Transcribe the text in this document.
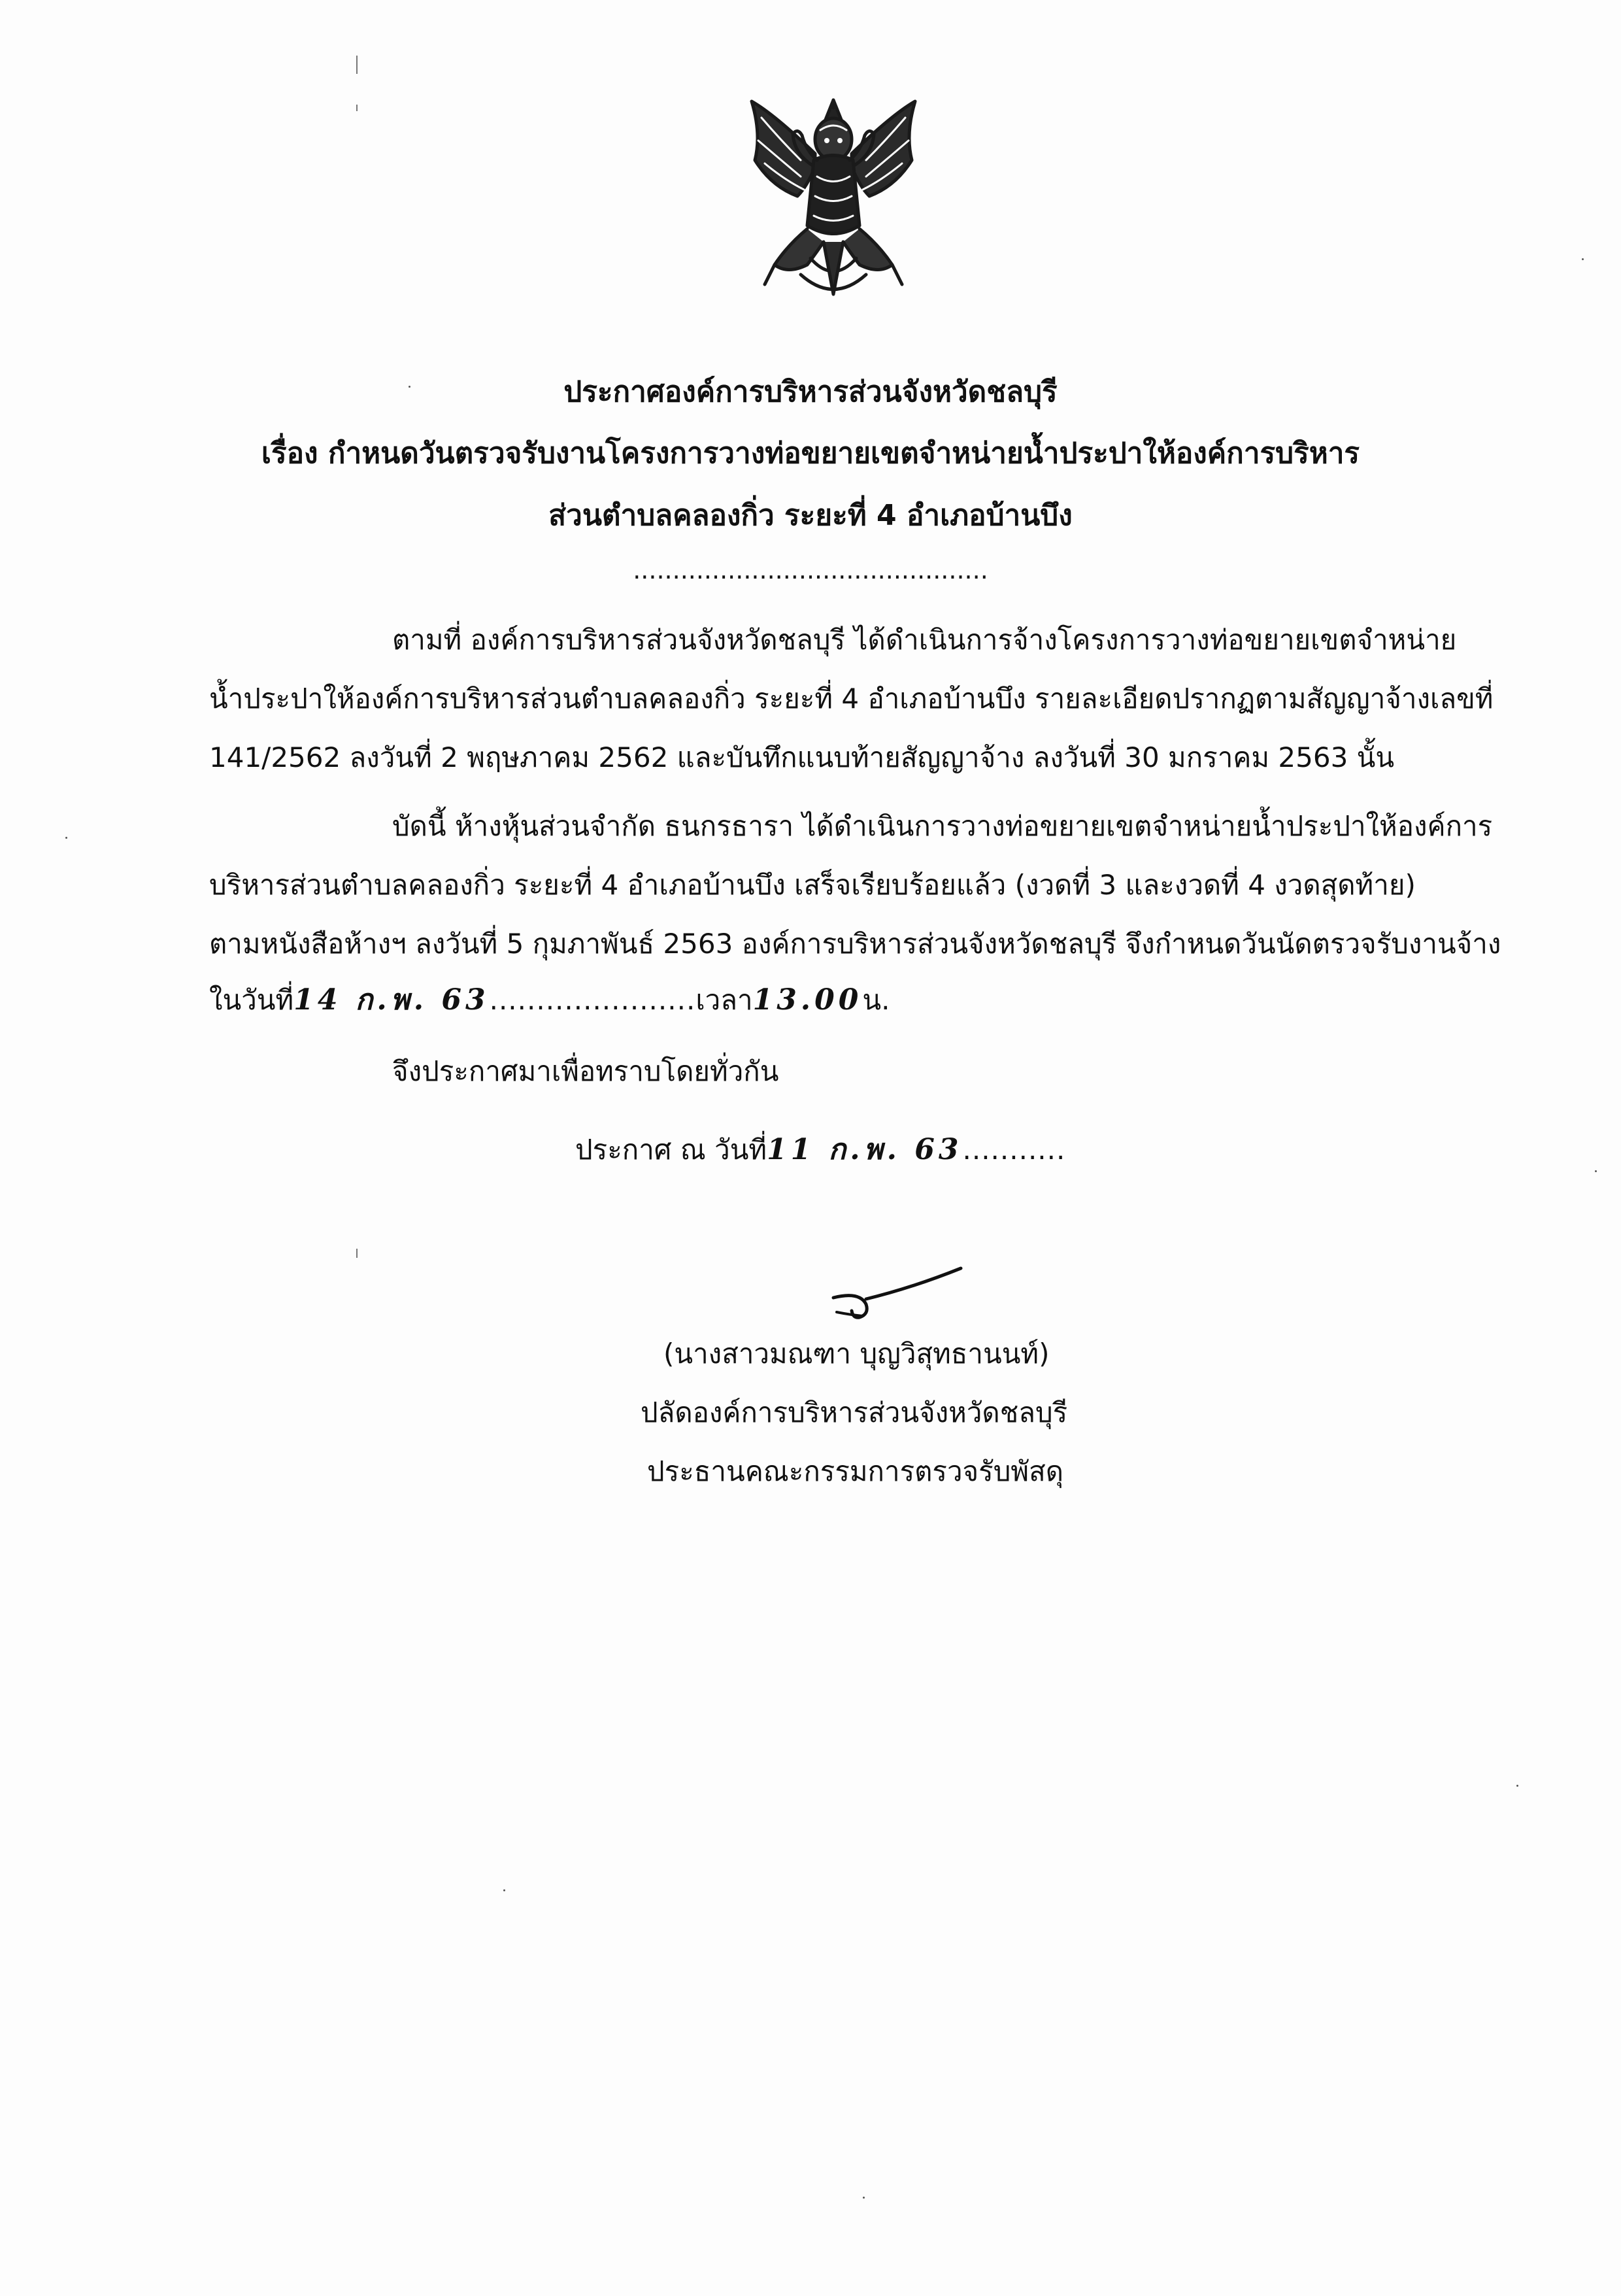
ประกาศองค์การบริหารส่วนจังหวัดชลบุรี
เรื่อง กำหนดวันตรวจรับงานโครงการวางท่อขยายเขตจำหน่ายน้ำประปาให้องค์การบริหาร
ส่วนตำบลคลองกิ่ว ระยะที่ 4 อำเภอบ้านบึง
.............................................
ตามที่ องค์การบริหารส่วนจังหวัดชลบุรี ได้ดำเนินการจ้างโครงการวางท่อขยายเขตจำหน่าย
น้ำประปาให้องค์การบริหารส่วนตำบลคลองกิ่ว ระยะที่ 4 อำเภอบ้านบึง รายละเอียดปรากฏตามสัญญาจ้างเลขที่
141/2562 ลงวันที่ 2 พฤษภาคม 2562 และบันทึกแนบท้ายสัญญาจ้าง ลงวันที่ 30 มกราคม 2563 นั้น
บัดนี้ ห้างหุ้นส่วนจำกัด ธนกรธารา ได้ดำเนินการวางท่อขยายเขตจำหน่ายน้ำประปาให้องค์การ
บริหารส่วนตำบลคลองกิ่ว ระยะที่ 4 อำเภอบ้านบึง เสร็จเรียบร้อยแล้ว (งวดที่ 3 และงวดที่ 4 งวดสุดท้าย)
ตามหนังสือห้างฯ ลงวันที่ 5 กุมภาพันธ์ 2563 องค์การบริหารส่วนจังหวัดชลบุรี จึงกำหนดวันนัดตรวจรับงานจ้าง
ในวันที่14 ก.พ. 63......................เวลา13.00น.
จึงประกาศมาเพื่อทราบโดยทั่วกัน
ประกาศ ณ วันที่11 ก.พ. 63...........
(นางสาวมณฑา บุญวิสุทธานนท์)
ปลัดองค์การบริหารส่วนจังหวัดชลบุรี
ประธานคณะกรรมการตรวจรับพัสดุ
